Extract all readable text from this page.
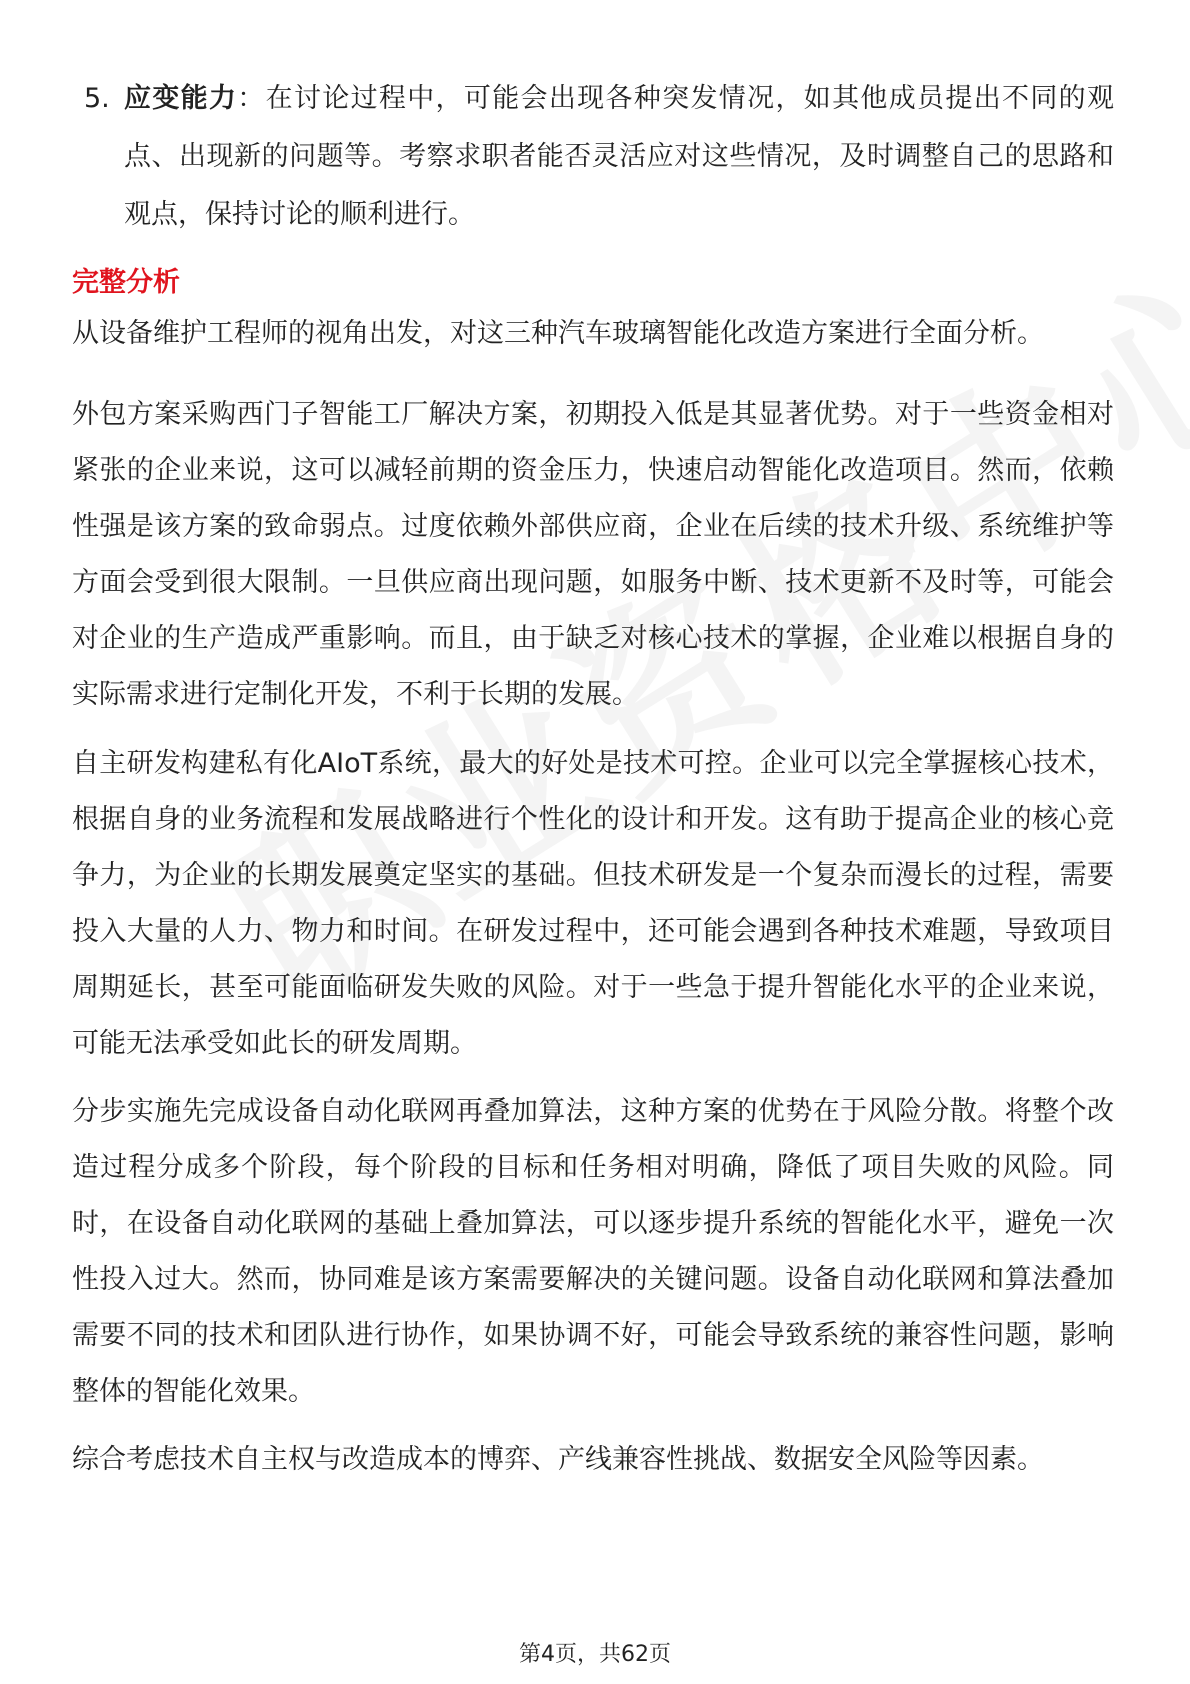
5. 应变能力：在讨论过程中，可能会出现各种突发情况，如其他成员提出不同的观点、出现新的问题等。考察求职者能否灵活应对这些情况，及时调整自己的思路和观点，保持讨论的顺利进行。
完整分析

从设备维护工程师的视角出发，对这三种汽车玻璃智能化改造方案进行全面分析。

外包方案采购西门子智能工厂解决方案，初期投入低是其显著优势。对于一些资金相对紧张的企业来说，这可以减轻前期的资金压力，快速启动智能化改造项目。然而，依赖性强是该方案的致命弱点。过度依赖外部供应商，企业在后续的技术升级、系统维护等方面会受到很大限制。一旦供应商出现问题，如服务中断、技术更新不及时等，可能会对企业的生产造成严重影响。而且，由于缺乏对核心技术的掌握，企业难以根据自身的实际需求进行定制化开发，不利于长期的发展。

自主研发构建私有化AIoT系统，最大的好处是技术可控。企业可以完全掌握核心技术，根据自身的业务流程和发展战略进行个性化的设计和开发。这有助于提高企业的核心竞争力，为企业的长期发展奠定坚实的基础。但技术研发是一个复杂而漫长的过程，需要投入大量的人力、物力和时间。在研发过程中，还可能会遇到各种技术难题，导致项目周期延长，甚至可能面临研发失败的风险。对于一些急于提升智能化水平的企业来说，可能无法承受如此长的研发周期。

分步实施先完成设备自动化联网再叠加算法，这种方案的优势在于风险分散。将整个改造过程分成多个阶段，每个阶段的目标和任务相对明确，降低了项目失败的风险。同时，在设备自动化联网的基础上叠加算法，可以逐步提升系统的智能化水平，避免一次性投入过大。然而，协同难是该方案需要解决的关键问题。设备自动化联网和算法叠加需要不同的技术和团队进行协作，如果协调不好，可能会导致系统的兼容性问题，影响整体的智能化效果。

综合考虑技术自主权与改造成本的博弈、产线兼容性挑战、数据安全风险等因素。

第4页，共62页
